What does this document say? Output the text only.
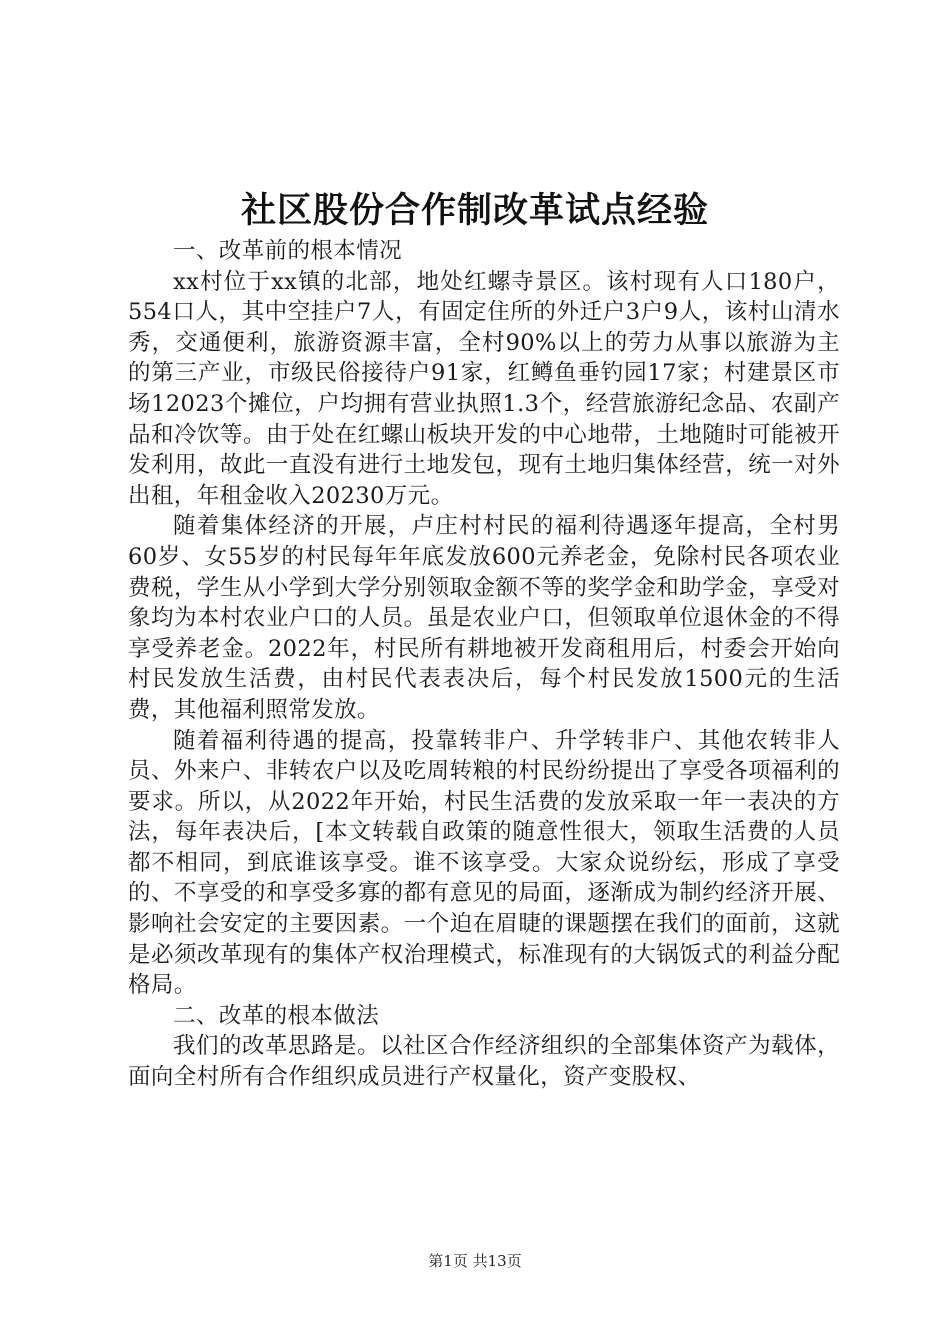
社区股份合作制改革试点经验

一、改革前的根本情况

xx村位于xx镇的北部，地处红螺寺景区。该村现有人口180户，554口人，其中空挂户7人，有固定住所的外迁户3户9人，该村山清水秀，交通便利，旅游资源丰富，全村90%以上的劳力从事以旅游为主的第三产业，市级民俗接待户91家，红鳟鱼垂钓园17家；村建景区市场12023个摊位，户均拥有营业执照1.3个，经营旅游纪念品、农副产品和冷饮等。由于处在红螺山板块开发的中心地带，土地随时可能被开发利用，故此一直没有进行土地发包，现有土地归集体经营，统一对外出租，年租金收入20230万元。

随着集体经济的开展，卢庄村村民的福利待遇逐年提高，全村男60岁、女55岁的村民每年年底发放600元养老金，免除村民各项农业费税，学生从小学到大学分别领取金额不等的奖学金和助学金，享受对象均为本村农业户口的人员。虽是农业户口，但领取单位退休金的不得享受养老金。2022年，村民所有耕地被开发商租用后，村委会开始向村民发放生活费，由村民代表表决后，每个村民发放1500元的生活费，其他福利照常发放。

随着福利待遇的提高，投靠转非户、升学转非户、其他农转非人员、外来户、非转农户以及吃周转粮的村民纷纷提出了享受各项福利的要求。所以，从2022年开始，村民生活费的发放采取一年一表决的方法，每年表决后，[本文转载自政策的随意性很大，领取生活费的人员都不相同，到底谁该享受。谁不该享受。大家众说纷纭，形成了享受的、不享受的和享受多寡的都有意见的局面，逐渐成为制约经济开展、影响社会安定的主要因素。一个迫在眉睫的课题摆在我们的面前，这就是必须改革现有的集体产权治理模式，标准现有的大锅饭式的利益分配格局。

二、改革的根本做法

我们的改革思路是。以社区合作经济组织的全部集体资产为载体，面向全村所有合作组织成员进行产权量化，资产变股权、

第1页 共13页
